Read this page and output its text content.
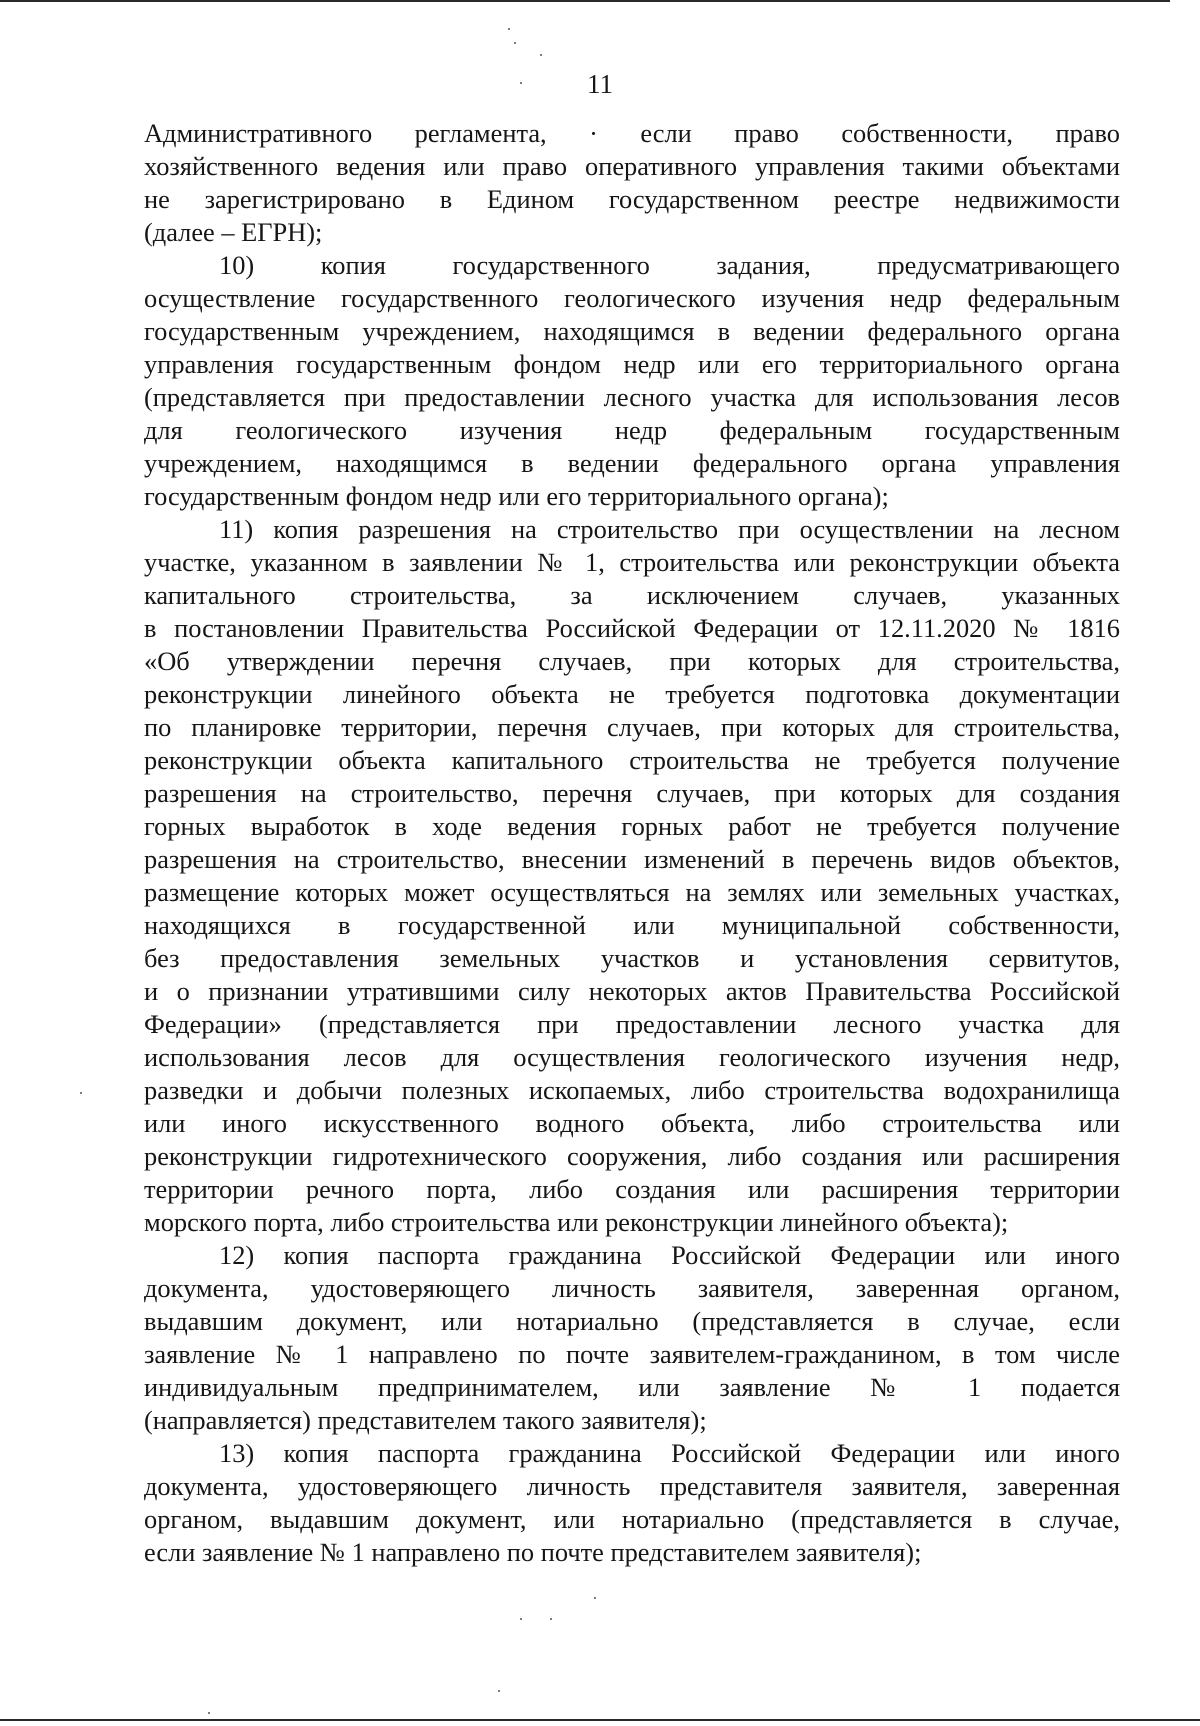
11
Административного регламента, · если право собственности, право
хозяйственного ведения или право оперативного управления такими объектами
не зарегистрировано в Едином государственном реестре недвижимости
(далее – ЕГРН);
10) копия государственного задания, предусматривающего
осуществление государственного геологического изучения недр федеральным
государственным учреждением, находящимся в ведении федерального органа
управления государственным фондом недр или его территориального органа
(представляется при предоставлении лесного участка для использования лесов
для геологического изучения недр федеральным государственным
учреждением, находящимся в ведении федерального органа управления
государственным фондом недр или его территориального органа);
11) копия разрешения на строительство при осуществлении на лесном
участке, указанном в заявлении № 1, строительства или реконструкции объекта
капитального строительства, за исключением случаев, указанных
в постановлении Правительства Российской Федерации от 12.11.2020 № 1816
«Об утверждении перечня случаев, при которых для строительства,
реконструкции линейного объекта не требуется подготовка документации
по планировке территории, перечня случаев, при которых для строительства,
реконструкции объекта капитального строительства не требуется получение
разрешения на строительство, перечня случаев, при которых для создания
горных выработок в ходе ведения горных работ не требуется получение
разрешения на строительство, внесении изменений в перечень видов объектов,
размещение которых может осуществляться на землях или земельных участках,
находящихся в государственной или муниципальной собственности,
без предоставления земельных участков и установления сервитутов,
и о признании утратившими силу некоторых актов Правительства Российской
Федерации» (представляется при предоставлении лесного участка для
использования лесов для осуществления геологического изучения недр,
разведки и добычи полезных ископаемых, либо строительства водохранилища
или иного искусственного водного объекта, либо строительства или
реконструкции гидротехнического сооружения, либо создания или расширения
территории речного порта, либо создания или расширения территории
морского порта, либо строительства или реконструкции линейного объекта);
12) копия паспорта гражданина Российской Федерации или иного
документа, удостоверяющего личность заявителя, заверенная органом,
выдавшим документ, или нотариально (представляется в случае, если
заявление № 1 направлено по почте заявителем-гражданином, в том числе
индивидуальным предпринимателем, или заявление № 1 подается
(направляется) представителем такого заявителя);
13) копия паспорта гражданина Российской Федерации или иного
документа, удостоверяющего личность представителя заявителя, заверенная
органом, выдавшим документ, или нотариально (представляется в случае,
если заявление № 1 направлено по почте представителем заявителя);
